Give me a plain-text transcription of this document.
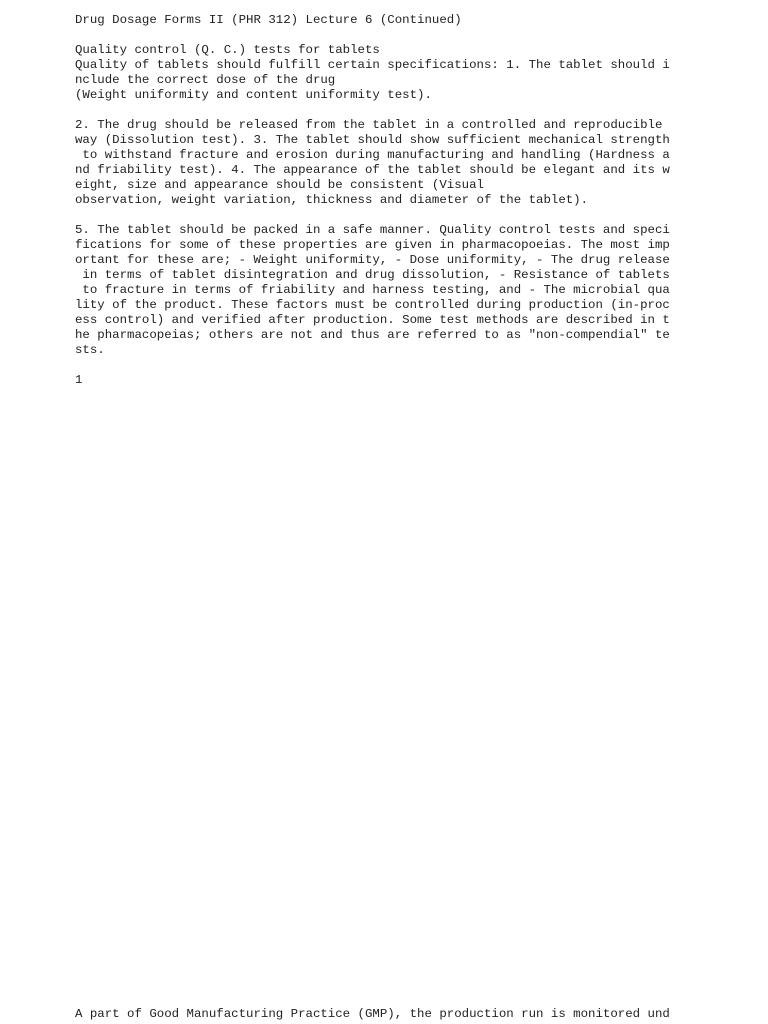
Drug Dosage Forms II (PHR 312) Lecture 6 (Continued)

Quality control (Q. C.) tests for tablets

Quality of tablets should fulfill certain specifications: 1. The tablet should i

nclude the correct dose of the drug

(Weight uniformity and content uniformity test).

2. The drug should be released from the tablet in a controlled and reproducible

way (Dissolution test). 3. The tablet should show sufficient mechanical strength

to withstand fracture and erosion during manufacturing and handling (Hardness a

nd friability test). 4. The appearance of the tablet should be elegant and its w

eight, size and appearance should be consistent (Visual

observation, weight variation, thickness and diameter of the tablet).

5. The tablet should be packed in a safe manner. Quality control tests and speci

fications for some of these properties are given in pharmacopoeias. The most imp

ortant for these are; - Weight uniformity, - Dose uniformity, - The drug release

in terms of tablet disintegration and drug dissolution, - Resistance of tablets

to fracture in terms of friability and harness testing, and - The microbial qua

lity of the product. These factors must be controlled during production (in-proc

ess control) and verified after production. Some test methods are described in t

he pharmacopeias; others are not and thus are referred to as "non-compendial" te

sts.

1

A part of Good Manufacturing Practice (GMP), the production run is monitored und
